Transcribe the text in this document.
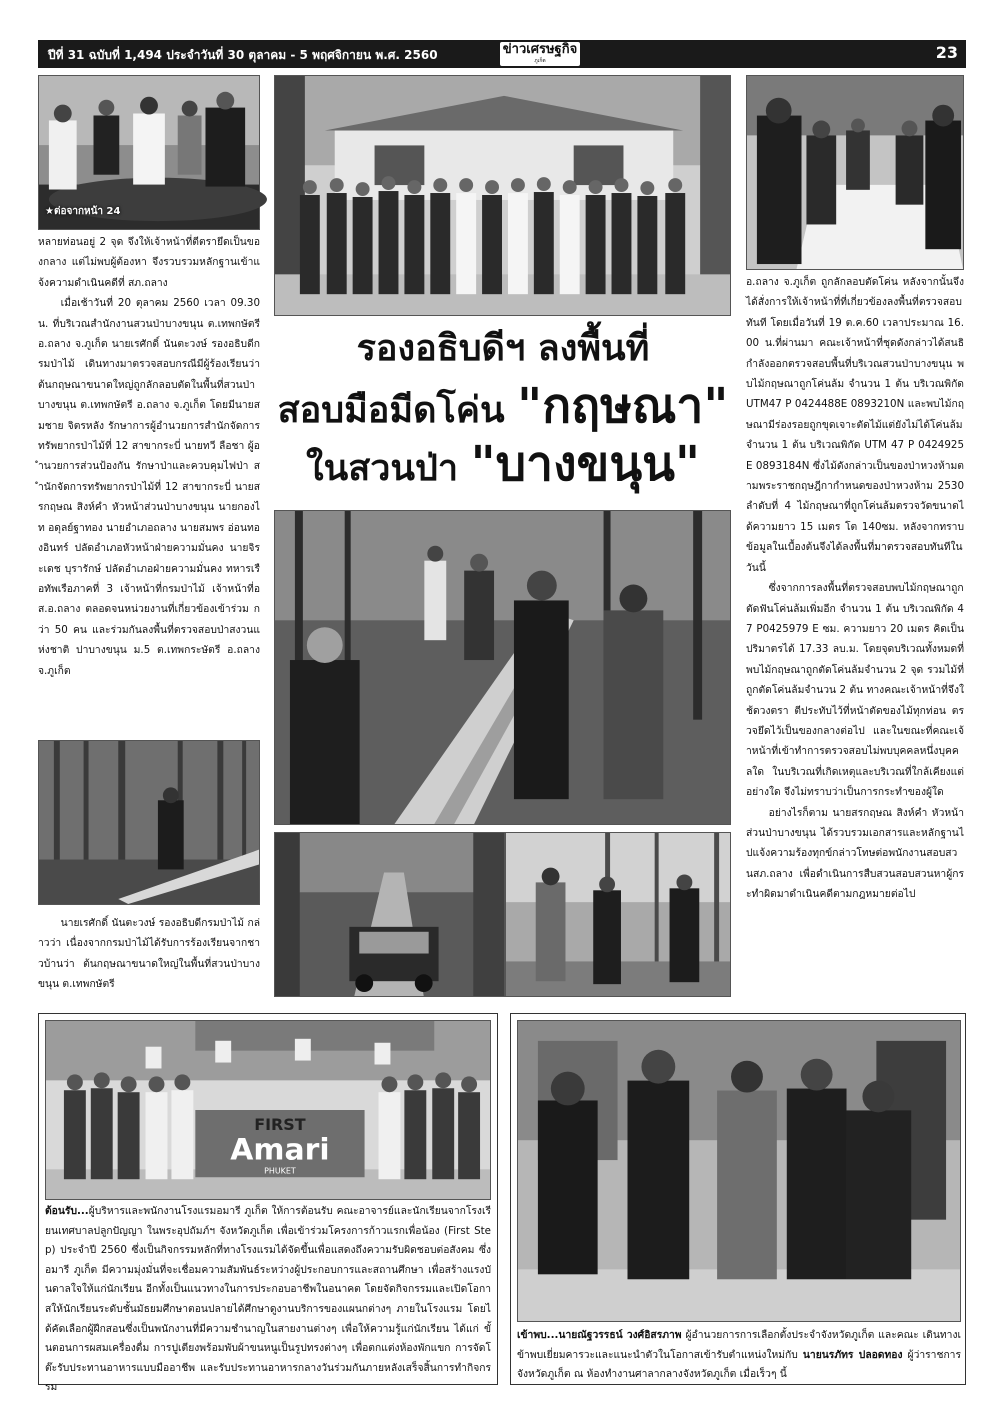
ปีที่ 31 ฉบับที่ 1,494 ประจำวันที่ 30 ตุลาคม - 5 พฤศจิกายน พ.ศ. 2560	ข่าวเศรษฐกิจ
ภูเก็ต	23
★ต่อจากหน้า 24
รองอธิบดีฯ ลงพื้นที่
สอบมือมีดโค่น "กฤษณา"
ในสวนป่า "บางขนุน"

หลายท่อนอยู่ 2 จุด จึงให้เจ้าหน้าที่ตีตรายึดเป็นของกลาง แต่ไม่พบผู้ต้องหา จึงรวบรวมหลักฐานเข้าแจ้งความดำเนินคดีที่ สภ.ถลาง

เมื่อเช้าวันที่ 20 ตุลาคม 2560 เวลา 09.30 น. ที่บริเวณสำนักงานสวนป่าบางขนุน ต.เทพกษัตรี อ.ถลาง จ.ภูเก็ต นายเรศักดิ์ นันตะวงษ์ รองอธิบดีกรมป่าไม้ เดินทางมาตรวจสอบกรณีมีผู้ร้องเรียนว่า ต้นกฤษณาขนาดใหญ่ถูกลักลอบตัดในพื้นที่สวนป่าบางขนุน ต.เทพกษัตรี อ.ถลาง จ.ภูเก็ต โดยมีนายสมชาย จิตรหลัง รักษาการผู้อำนวยการสำนักจัดการทรัพยากรป่าไม้ที่ 12 สาขากระบี่ นายทวี ลือชา ผู้อำนวยการส่วนป้องกัน รักษาป่าและควบคุมไฟป่า สำนักจัดการทรัพยากรป่าไม้ที่ 12 สาขากระบี่ นายสรกฤษณ สิงห์คำ หัวหน้าส่วนป่าบางขนุน นายกองไท อดุลย์ฐาทอง นายอำเภอถลาง นายสมพร อ่อนทองอินทร์ ปลัดอำเภอหัวหน้าฝ่ายความมั่นคง นายจิระเดช บุรารักษ์ ปลัดอำเภอฝ่ายความมั่นคง ทหารเรือทัพเรือภาคที่ 3 เจ้าหน้าที่กรมป่าไม้ เจ้าหน้าที่อส.อ.ถลาง ตลอดจนหน่วยงานที่เกี่ยวข้องเข้าร่วม กว่า 50 คน และร่วมกันลงพื้นที่ตรวจสอบป่าสงวนแห่งชาติ ปาบางขนุน ม.5 ต.เทพกระษัตรี อ.ถลาง จ.ภูเก็ต

นายเรศักดิ์ นันตะวงษ์ รองอธิบดีกรมป่าไม้ กล่าวว่า เนื่องจากกรมป่าไม้ได้รับการร้องเรียนจากชาวบ้านว่า ต้นกฤษณาขนาดใหญ่ในพื้นที่สวนป่าบางขนุน ต.เทพกษัตรี

อ.ถลาง จ.ภูเก็ต ถูกลักลอบตัดโค่น หลังจากนั้นจึงได้สั่งการให้เจ้าหน้าที่ที่เกี่ยวข้องลงพื้นที่ตรวจสอบทันที โดยเมื่อวันที่ 19 ต.ค.60 เวลาประมาณ 16.00 น.ที่ผ่านมา คณะเจ้าหน้าที่ชุดดังกล่าวได้สนธิกำลังออกตรวจสอบพื้นที่บริเวณสวนป่าบางขนุน พบไม้กฤษณาถูกโค่นล้ม จำนวน 1 ต้น บริเวณพิกัด UTM47 P 0424488E 0893210N และพบไม้กฤษณามีร่องรอยถูกขุดเจาะตัดไม้แต่ยังไม่ได้โค่นล้ม จำนวน 1 ต้น บริเวณพิกัด UTM 47 P 0424925E 0893184N ซึ่งไม้ดังกล่าวเป็นของป่าหวงห้ามตามพระราชกฤษฎีกากำหนดของป่าหวงห้าม 2530 ลำดับที่ 4 ไม้กฤษณาที่ถูกโค่นล้มตรวจวัดขนาดได้ความยาว 15 เมตร โต 140ซม. หลังจากทราบข้อมูลในเบื้องต้นจึงได้ลงพื้นที่มาตรวจสอบทันทีในวันนี้

ซึ่งจากการลงพื้นที่ตรวจสอบพบไม้กฤษณาถูกตัดฟันโค่นล้มเพิ่มอีก จำนวน 1 ต้น บริเวณพิกัด 47 P0425979 E ซม. ความยาว 20 เมตร คิดเป็นปริมาตรได้ 17.33 ลบ.ม. โดยจุดบริเวณทั้งหมดที่พบไม้กฤษณาถูกตัดโค่นล้มจำนวน 2 จุด รวมไม้ที่ถูกตัดโค่นล้มจำนวน 2 ต้น ทางคณะเจ้าหน้าที่จึงใช้ดวงตรา ตีประทับไว้ที่หน้าตัดของไม้ทุกท่อน ตรวจยึดไว้เป็นของกลางต่อไป และในขณะที่คณะเจ้าหน้าที่เข้าทำการตรวจสอบไม่พบบุคคลหนึ่งบุคคลใด ในบริเวณที่เกิดเหตุและบริเวณที่ใกล้เคียงแต่อย่างใด จึงไม่ทราบว่าเป็นการกระทำของผู้ใด

อย่างไรก็ตาม นายสรกฤษณ สิงห์คำ หัวหน้าส่วนป่าบางขนุน ได้รวบรวมเอกสารและหลักฐานไปแจ้งความร้องทุกข์กล่าวโทษต่อพนักงานสอบสวนสภ.ถลาง เพื่อดำเนินการสืบสวนสอบสวนหาผู้กระทำผิดมาดำเนินคดีตามกฎหมายต่อไป

Amari
PHUKET
FIRST
ต้อนรับ...ผู้บริหารและพนักงานโรงแรมอมารี ภูเก็ต ให้การต้อนรับ คณะอาจารย์และนักเรียนจากโรงเรียนเทศบาลปลูกปัญญา ในพระอุปถัมภ์ฯ จังหวัดภูเก็ต เพื่อเข้าร่วมโครงการก้าวแรกเพื่อน้อง (First Step) ประจำปี 2560 ซึ่งเป็นกิจกรรมหลักที่ทางโรงแรมได้จัดขึ้นเพื่อแสดงถึงความรับผิดชอบต่อสังคม ซึ่ง อมารี ภูเก็ต มีความมุ่งมั่นที่จะเชื่อมความสัมพันธ์ระหว่างผู้ประกอบการและสถานศึกษา เพื่อสร้างแรงบันดาลใจให้แก่นักเรียน อีกทั้งเป็นแนวทางในการประกอบอาชีพในอนาคต โดยจัดกิจกรรมและเปิดโอกาสให้นักเรียนระดับชั้นมัธยมศึกษาตอนปลายได้ศึกษาดูงานบริการของแผนกต่างๆ ภายในโรงแรม โดยได้คัดเลือกผู้ฝึกสอนซึ่งเป็นพนักงานที่มีความชำนาญในสายงานต่างๆ เพื่อให้ความรู้แก่นักเรียน ได้แก่ ขั้นตอนการผสมเครื่องดื่ม การปูเตียงพร้อมพับผ้าขนหนูเป็นรูปทรงต่างๆ เพื่อตกแต่งห้องพักแขก การจัดโต๊ะรับประทานอาหารแบบมืออาชีพ และรับประทานอาหารกลางวันร่วมกันภายหลังเสร็จสิ้นการทำกิจกรรม
เข้าพบ...นายณัฐวรรธน์ วงศ์อิสรภาพ ผู้อำนวยการการเลือกตั้งประจำจังหวัดภูเก็ต และคณะ เดินทางเข้าพบเยี่ยมคารวะและแนะนำตัวในโอกาสเข้ารับตำแหน่งใหม่กับ นายนรภัทร ปลอดทอง ผู้ว่าราชการจังหวัดภูเก็ต ณ ห้องทำงานศาลากลางจังหวัดภูเก็ต เมื่อเร็วๆ นี้
